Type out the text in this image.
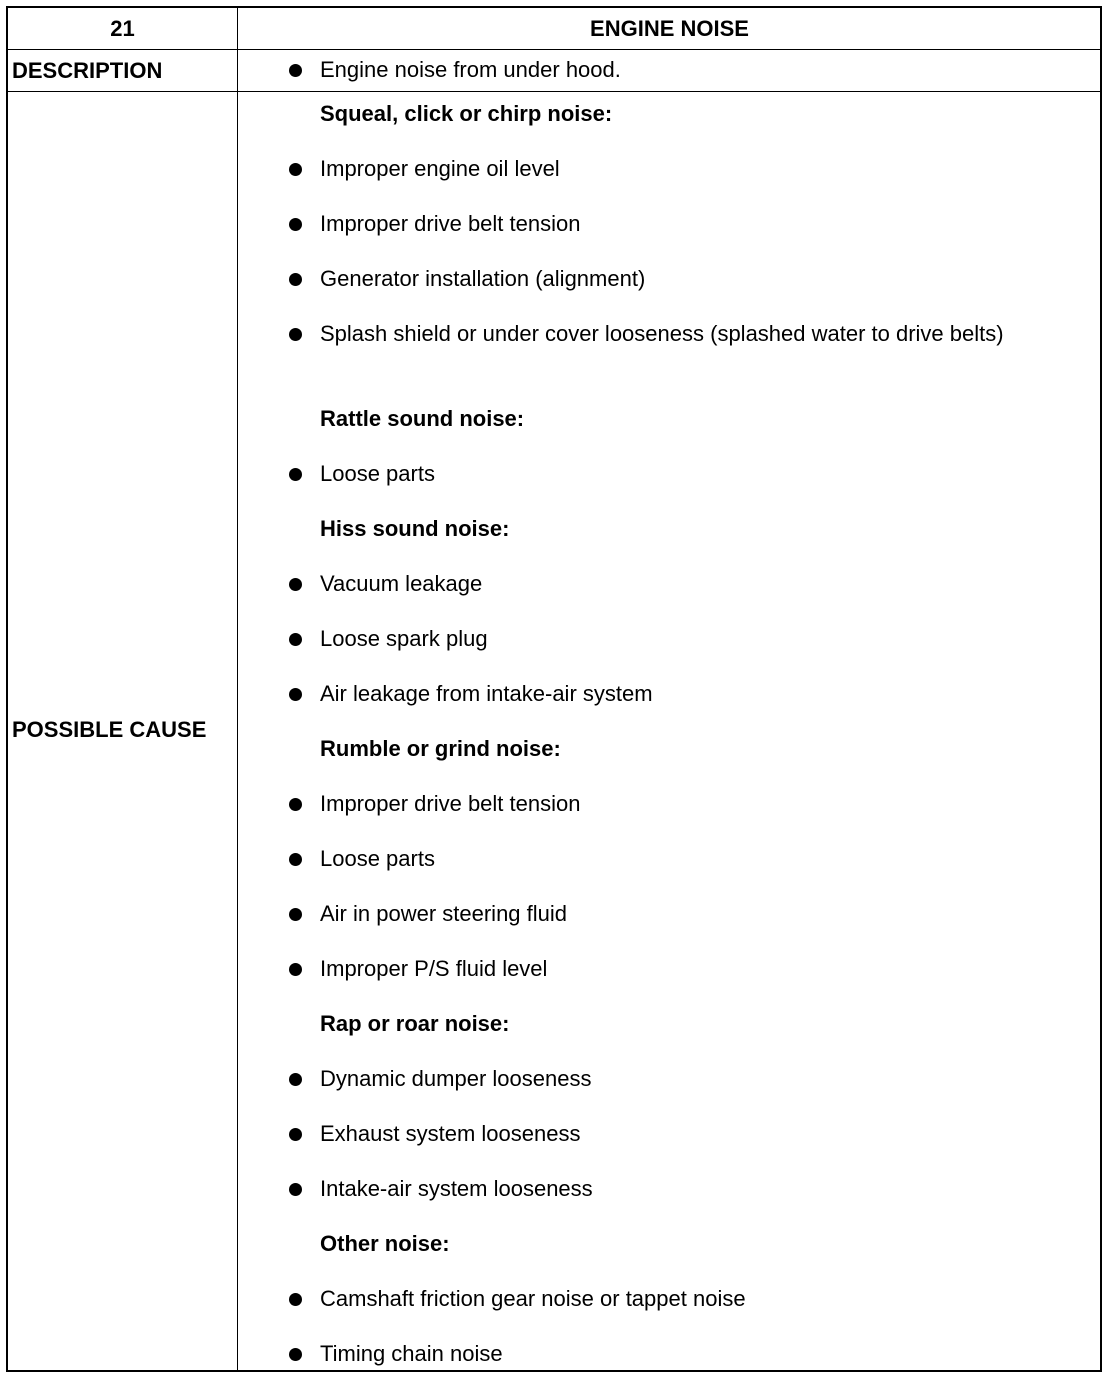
21	ENGINE NOISE
DESCRIPTION	Engine noise from under hood.
POSSIBLE CAUSE
Squeal, click or chirp noise:
Improper engine oil level
Improper drive belt tension
Generator installation (alignment)
Splash shield or under cover looseness (splashed water to drive belts)
Rattle sound noise:
Loose parts
Hiss sound noise:
Vacuum leakage
Loose spark plug
Air leakage from intake-air system
Rumble or grind noise:
Improper drive belt tension
Loose parts
Air in power steering fluid
Improper P/S fluid level
Rap or roar noise:
Dynamic dumper looseness
Exhaust system looseness
Intake-air system looseness
Other noise:
Camshaft friction gear noise or tappet noise
Timing chain noise
